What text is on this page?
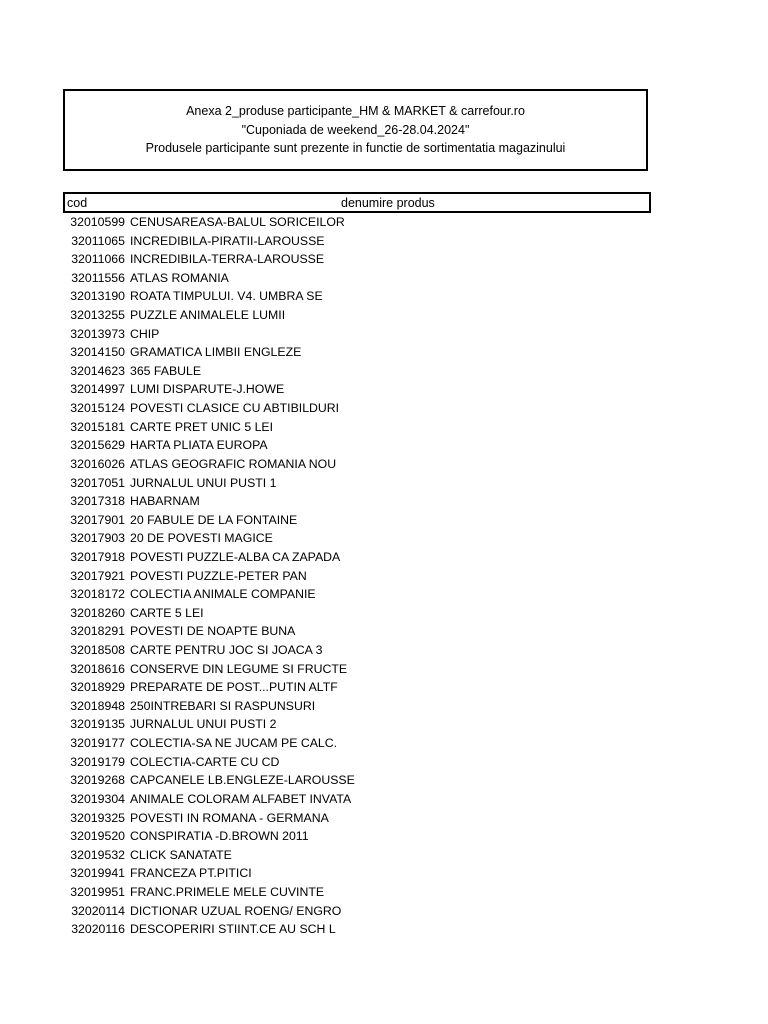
Anexa 2_produse participante_HM & MARKET & carrefour.ro
"Cuponiada de weekend_26-28.04.2024"
Produsele participante sunt prezente in functie de sortimentatia magazinului
cod	denumire produs
32010599 CENUSAREASA-BALUL SORICEILOR
32011065 INCREDIBILA-PIRATII-LAROUSSE
32011066 INCREDIBILA-TERRA-LAROUSSE
32011556 ATLAS ROMANIA
32013190 ROATA TIMPULUI. V4. UMBRA SE
32013255 PUZZLE ANIMALELE LUMII
32013973 CHIP
32014150 GRAMATICA LIMBII ENGLEZE
32014623 365 FABULE
32014997 LUMI DISPARUTE-J.HOWE
32015124 POVESTI CLASICE CU ABTIBILDURI
32015181 CARTE PRET UNIC 5 LEI
32015629 HARTA PLIATA EUROPA
32016026 ATLAS GEOGRAFIC ROMANIA NOU
32017051 JURNALUL UNUI PUSTI 1
32017318 HABARNAM
32017901 20 FABULE DE LA FONTAINE
32017903 20 DE POVESTI MAGICE
32017918 POVESTI PUZZLE-ALBA CA ZAPADA
32017921 POVESTI PUZZLE-PETER PAN
32018172 COLECTIA ANIMALE COMPANIE
32018260 CARTE 5 LEI
32018291 POVESTI DE NOAPTE BUNA
32018508 CARTE PENTRU JOC SI JOACA 3
32018616 CONSERVE DIN LEGUME SI FRUCTE
32018929 PREPARATE DE POST...PUTIN ALTF
32018948 250INTREBARI SI RASPUNSURI
32019135 JURNALUL UNUI PUSTI 2
32019177 COLECTIA-SA NE JUCAM PE CALC.
32019179 COLECTIA-CARTE CU CD
32019268 CAPCANELE LB.ENGLEZE-LAROUSSE
32019304 ANIMALE COLORAM ALFABET INVATA
32019325 POVESTI IN ROMANA - GERMANA
32019520 CONSPIRATIA -D.BROWN 2011
32019532 CLICK SANATATE
32019941 FRANCEZA PT.PITICI
32019951 FRANC.PRIMELE MELE CUVINTE
32020114 DICTIONAR UZUAL ROENG/ ENGRO
32020116 DESCOPERIRI STIINT.CE AU SCH L
